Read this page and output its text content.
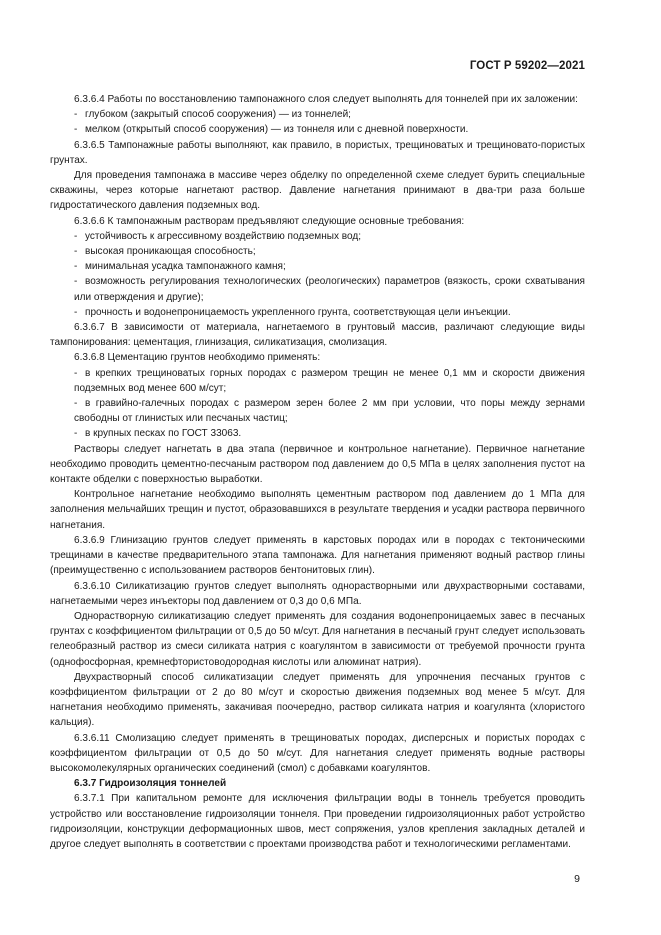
ГОСТ Р 59202—2021

6.3.6.4 Работы по восстановлению тампонажного слоя следует выполнять для тоннелей при их заложении:

- глубоком (закрытый способ сооружения) — из тоннелей;

- мелком (открытый способ сооружения) — из тоннеля или с дневной поверхности.

6.3.6.5 Тампонажные работы выполняют, как правило, в пористых, трещиноватых и трещиновато-пористых грунтах.

Для проведения тампонажа в массиве через обделку по определенной схеме следует бурить специальные скважины, через которые нагнетают раствор. Давление нагнетания принимают в два-три раза больше гидростатического давления подземных вод.

6.3.6.6 К тампонажным растворам предъявляют следующие основные требования:

- устойчивость к агрессивному воздействию подземных вод;

- высокая проникающая способность;

- минимальная усадка тампонажного камня;

- возможность регулирования технологических (реологических) параметров (вязкость, сроки схватывания или отверждения и другие);

- прочность и водонепроницаемость укрепленного грунта, соответствующая цели инъекции.

6.3.6.7 В зависимости от материала, нагнетаемого в грунтовый массив, различают следующие виды тампонирования: цементация, глинизация, силикатизация, смолизация.

6.3.6.8 Цементацию грунтов необходимо применять:

- в крепких трещиноватых горных породах с размером трещин не менее 0,1 мм и скорости движения подземных вод менее 600 м/сут;

- в гравийно-галечных породах с размером зерен более 2 мм при условии, что поры между зернами свободны от глинистых или песчаных частиц;

- в крупных песках по ГОСТ 33063.

Растворы следует нагнетать в два этапа (первичное и контрольное нагнетание). Первичное нагнетание необходимо проводить цементно-песчаным раствором под давлением до 0,5 МПа в целях заполнения пустот на контакте обделки с поверхностью выработки.

Контрольное нагнетание необходимо выполнять цементным раствором под давлением до 1 МПа для заполнения мельчайших трещин и пустот, образовавшихся в результате твердения и усадки раствора первичного нагнетания.

6.3.6.9 Глинизацию грунтов следует применять в карстовых породах или в породах с тектоническими трещинами в качестве предварительного этапа тампонажа. Для нагнетания применяют водный раствор глины (преимущественно с использованием растворов бентонитовых глин).

6.3.6.10 Силикатизацию грунтов следует выполнять однорастворными или двухрастворными составами, нагнетаемыми через инъекторы под давлением от 0,3 до 0,6 МПа.

Однорастворную силикатизацию следует применять для создания водонепроницаемых завес в песчаных грунтах с коэффициентом фильтрации от 0,5 до 50 м/сут. Для нагнетания в песчаный грунт следует использовать гелеобразный раствор из смеси силиката натрия с коагулянтом в зависимости от требуемой прочности грунта (однофосфорная, кремнефтористоводородная кислоты или алюминат натрия).

Двухрастворный способ силикатизации следует применять для упрочнения песчаных грунтов с коэффициентом фильтрации от 2 до 80 м/сут и скоростью движения подземных вод менее 5 м/сут. Для нагнетания необходимо применять, закачивая поочередно, раствор силиката натрия и коагулянта (хлористого кальция).

6.3.6.11 Смолизацию следует применять в трещиноватых породах, дисперсных и пористых породах с коэффициентом фильтрации от 0,5 до 50 м/сут. Для нагнетания следует применять водные растворы высокомолекулярных органических соединений (смол) с добавками коагулянтов.

6.3.7 Гидроизоляция тоннелей

6.3.7.1 При капитальном ремонте для исключения фильтрации воды в тоннель требуется проводить устройство или восстановление гидроизоляции тоннеля. При проведении гидроизоляционных работ устройство гидроизоляции, конструкции деформационных швов, мест сопряжения, узлов крепления закладных деталей и другое следует выполнять в соответствии с проектами производства работ и технологическими регламентами.

9
